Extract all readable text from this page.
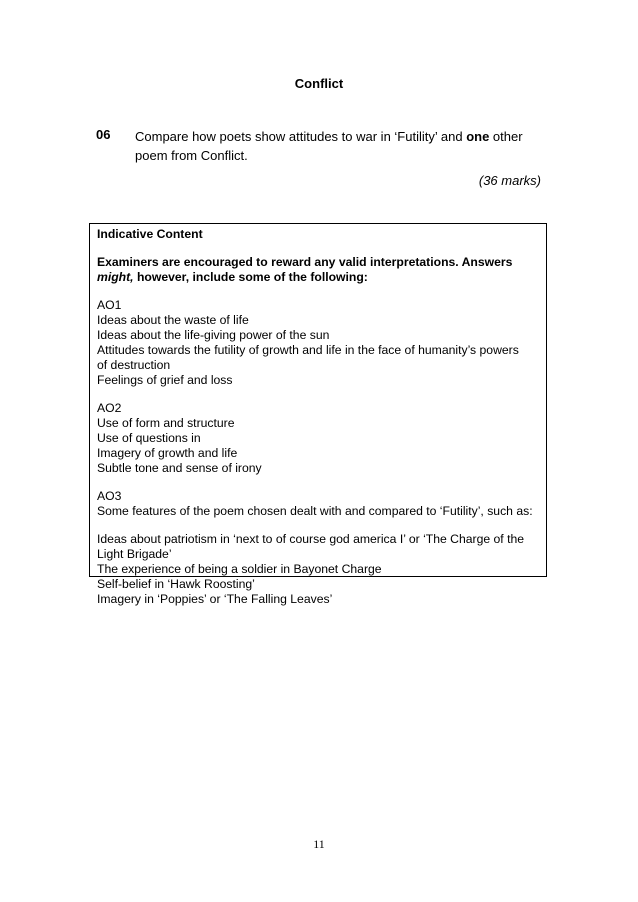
Conflict
06 Compare how poets show attitudes to war in ‘Futility’ and one other poem from Conflict.
(36 marks)
Indicative Content
Examiners are encouraged to reward any valid interpretations. Answers might, however, include some of the following:
AO1
Ideas about the waste of life
Ideas about the life-giving power of the sun
Attitudes towards the futility of growth and life in the face of humanity’s powers of destruction
Feelings of grief and loss
AO2
Use of form and structure
Use of questions in
Imagery of growth and life
Subtle tone and sense of irony
AO3
Some features of the poem chosen dealt with and compared to ‘Futility’, such as:
Ideas about patriotism in ‘next to of course god america I’ or ‘The Charge of the Light Brigade’
The experience of being a soldier in Bayonet Charge
Self-belief in ‘Hawk Roosting’
Imagery in ‘Poppies’ or ‘The Falling Leaves’
11
